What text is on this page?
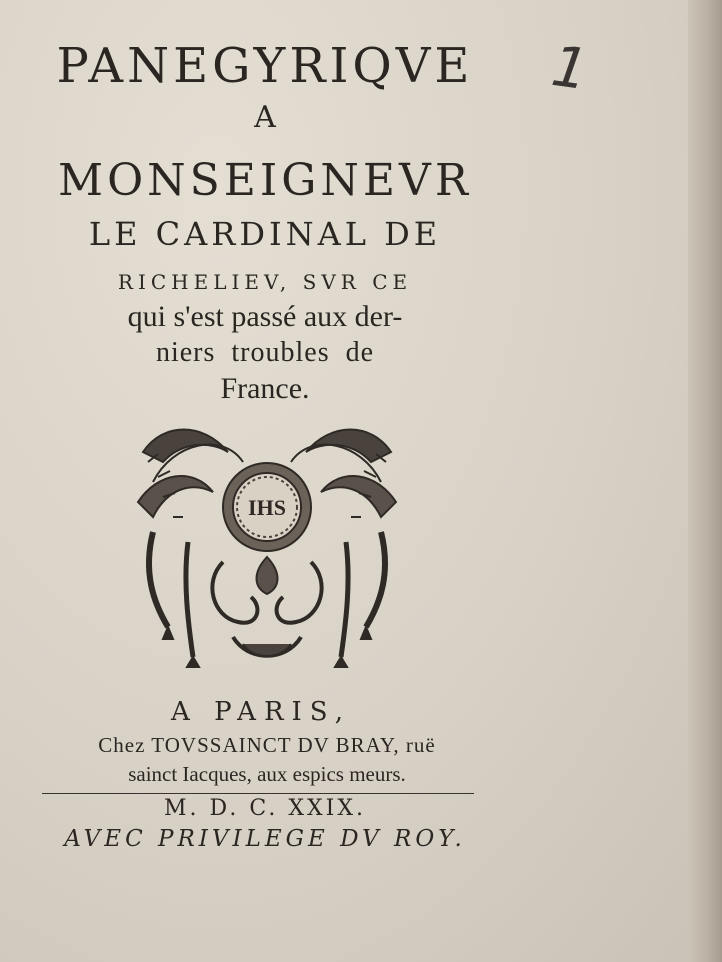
PANEGYRIQVE	1
A
MONSEIGNEVR
LE CARDINAL DE
RICHELIEV, SVR CE
qui s'est passé aux der-
niers troubles de
France.
IHS
A PARIS,
Chez TOVSSAINCT DV BRAY, ruë
sainct Iacques, aux espics meurs.
M. D. C. XXIX.
AVEC PRIVILEGE DV ROY.
